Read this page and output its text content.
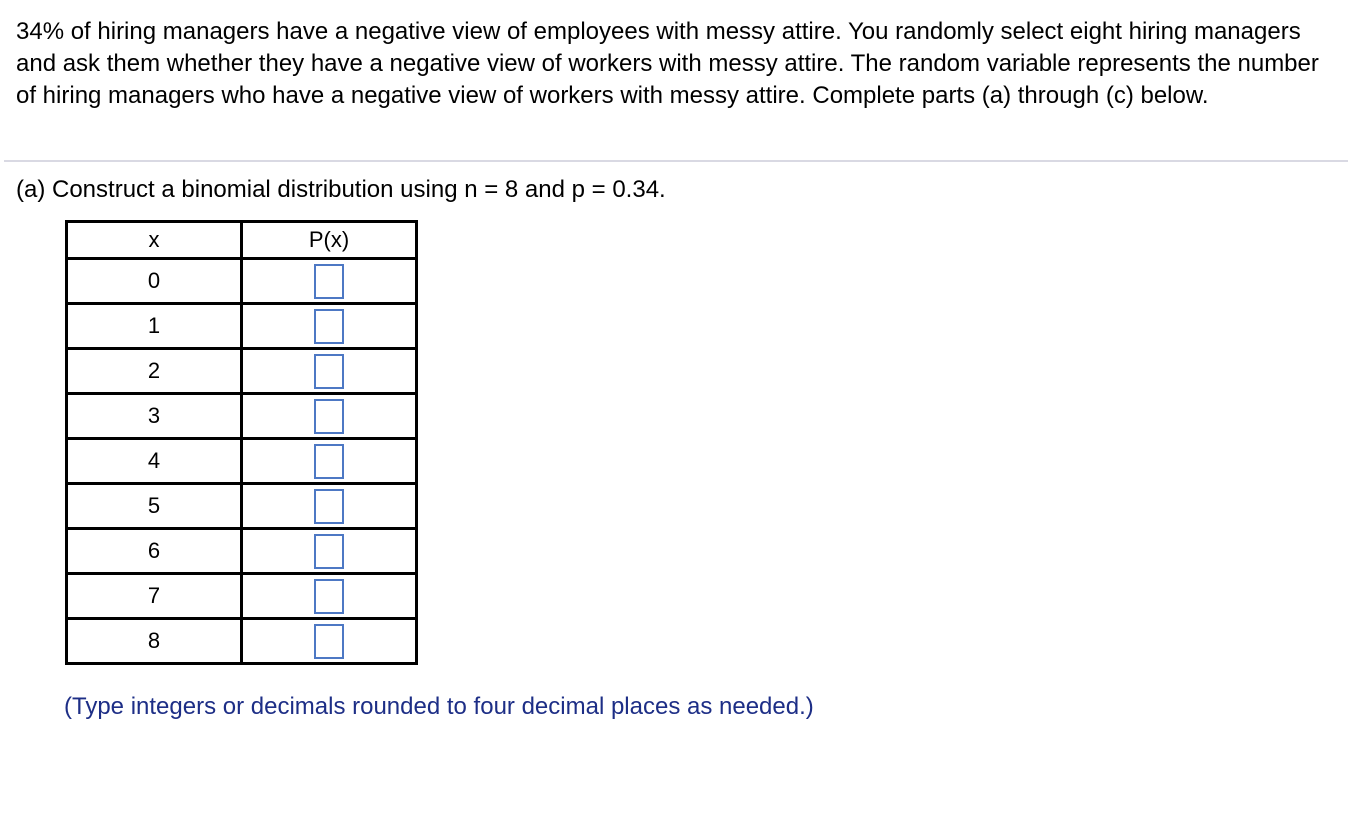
34% of hiring managers have a negative view of employees with messy attire. You randomly select eight hiring managers and ask them whether they have a negative view of workers with messy attire. The random variable represents the number of hiring managers who have a negative view of workers with messy attire. Complete parts (a) through (c) below.
(a) Construct a binomial distribution using n = 8 and p = 0.34.
x	P(x)
0	
1	
2	
3	
4	
5	
6	
7	
8	
(Type integers or decimals rounded to four decimal places as needed.)
